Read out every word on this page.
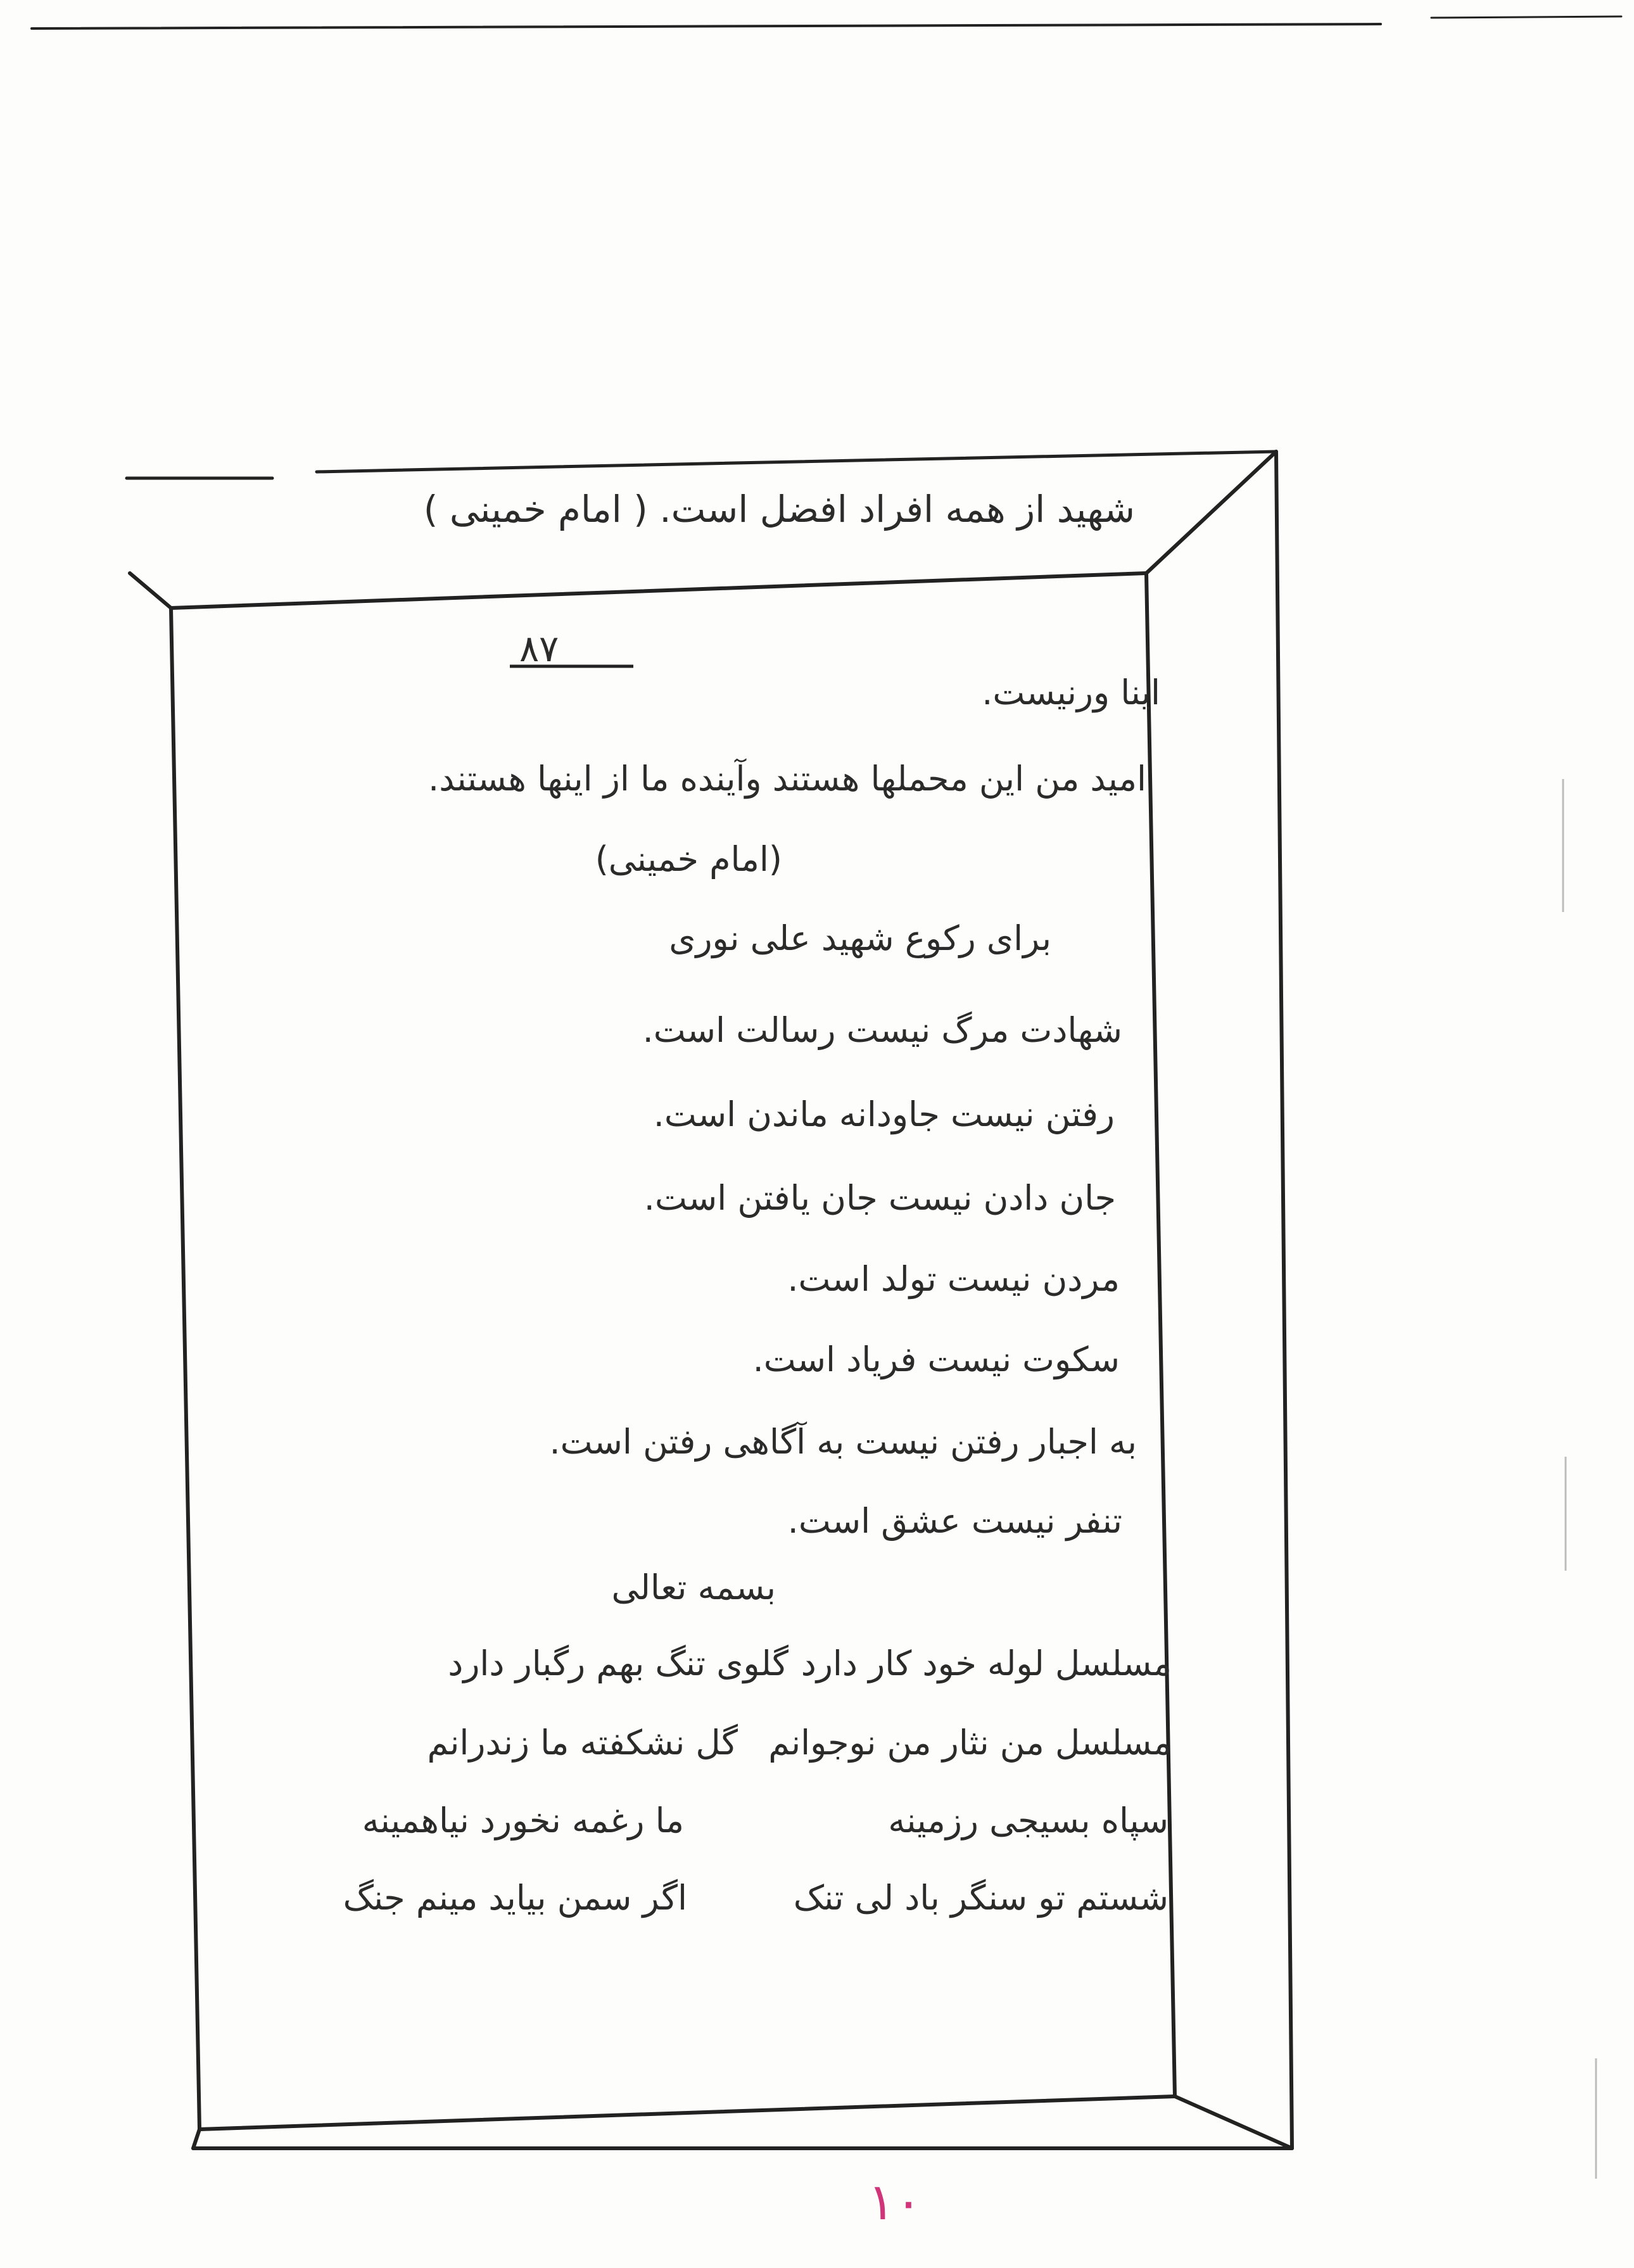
شهید از همه افراد افضل است. ( امام خمینی )
۸۷
اینا ورنیست.
امید من این محملها هستند وآینده ما از اینها هستند.
(امام خمینی)
برای رکوع شهید علی نوری
شهادت مرگ نیست رسالت است.
رفتن نیست جاودانه ماندن است.
جان دادن نیست جان یافتن است.
مردن نیست تولد است.
سکوت نیست فریاد است.
به اجبار رفتن نیست به آگاهی رفتن است.
تنفر نیست عشق است.
بسمه تعالی
مسلسل لوله خود کار دارد
گلوی تنگ بهم رگبار دارد
مسلسل من نثار من نوجوانم
گل نشکفته ما زندرانم
سپاه بسیجی رزمینه
ما رغمه نخورد نیاهمینه
شستم تو سنگر باد لی تنک
اگر سمن بیاید مینم جنگ
۱۰
